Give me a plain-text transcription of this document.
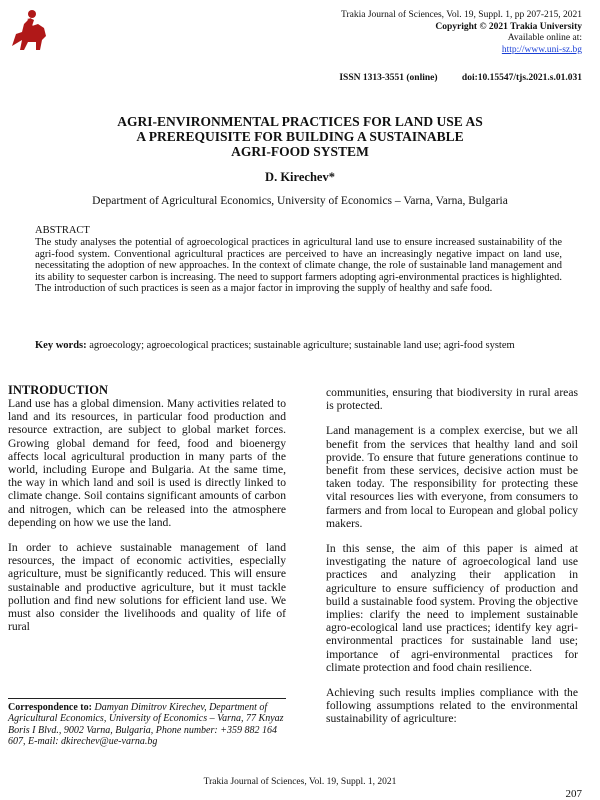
Trakia Journal of Sciences, Vol. 19, Suppl. 1, pp 207-215, 2021
Copyright © 2021 Trakia University
Available online at:
http://www.uni-sz.bg
ISSN 1313-3551 (online)	doi:10.15547/tjs.2021.s.01.031
AGRI-ENVIRONMENTAL PRACTICES FOR LAND USE AS
A PREREQUISITE FOR BUILDING A SUSTAINABLE
AGRI-FOOD SYSTEM
D. Kirechev*
Department of Agricultural Economics, University of Economics – Varna, Varna, Bulgaria
ABSTRACT
The study analyses the potential of agroecological practices in agricultural land use to ensure increased sustainability of the agri-food system. Conventional agricultural practices are perceived to have an increasingly negative impact on land use, necessitating the adoption of new approaches. In the context of climate change, the role of sustainable land management and its ability to sequester carbon is increasing. The need to support farmers adopting agri-environmental practices is highlighted. The introduction of such practices is seen as a major factor in improving the supply of healthy and safe food.
Key words: agroecology; agroecological practices; sustainable agriculture; sustainable land use; agri-food system
INTRODUCTION

Land use has a global dimension. Many activities related to land and its resources, in particular food production and resource extraction, are subject to global market forces. Growing global demand for feed, food and bioenergy affects local agricultural production in many parts of the world, including Europe and Bulgaria. At the same time, the way in which land and soil is used is directly linked to climate change. Soil contains significant amounts of carbon and nitrogen, which can be released into the atmosphere depending on how we use the land.

In order to achieve sustainable management of land resources, the impact of economic activities, especially agriculture, must be significantly reduced. This will ensure sustainable and productive agriculture, but it must tackle pollution and find new solutions for efficient land use. We must also consider the livelihoods and quality of life of rural

communities, ensuring that biodiversity in rural areas is protected.

Land management is a complex exercise, but we all benefit from the services that healthy land and soil provide. To ensure that future generations continue to benefit from these services, decisive action must be taken today. The responsibility for protecting these vital resources lies with everyone, from consumers to farmers and from local to European and global policy makers.

In this sense, the aim of this paper is aimed at investigating the nature of agroecological land use practices and analyzing their application in agriculture to ensure sufficiency of production and build a sustainable food system. Proving the objective implies: clarify the need to implement sustainable agro-ecological land use practices; identify key agri-environmental practices for sustainable land use; importance of agri-environmental practices for climate protection and food chain resilience.

Achieving such results implies compliance with the following assumptions related to the environmental sustainability of agriculture:

Correspondence to: Damyan Dimitrov Kirechev, Department of Agricultural Economics, University of Economics – Varna, 77 Knyaz Boris I Blvd., 9002 Varna, Bulgaria, Phone number: +359 882 164 607, E-mail: dkirechev@ue-varna.bg
Trakia Journal of Sciences, Vol. 19, Suppl. 1, 2021
207
